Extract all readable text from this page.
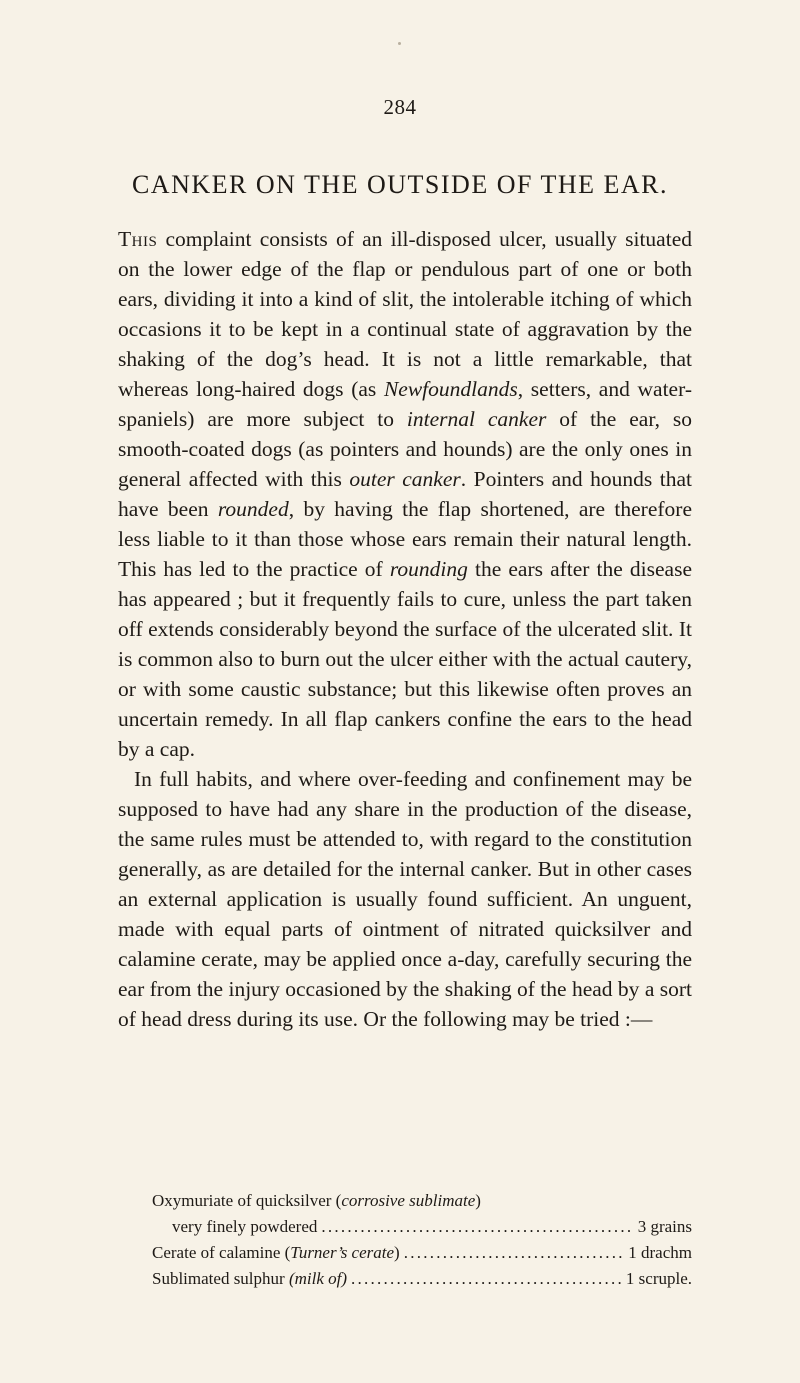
284
CANKER ON THE OUTSIDE OF THE EAR.

This complaint consists of an ill-disposed ulcer, usually situated on the lower edge of the flap or pendulous part of one or both ears, dividing it into a kind of slit, the intolerable itching of which occasions it to be kept in a continual state of aggravation by the shaking of the dog’s head. It is not a little remarkable, that whereas long-haired dogs (as Newfoundlands, setters, and water-spaniels) are more subject to internal canker of the ear, so smooth-coated dogs (as pointers and hounds) are the only ones in general affected with this outer canker. Pointers and hounds that have been rounded, by having the flap shortened, are therefore less liable to it than those whose ears remain their natural length. This has led to the practice of rounding the ears after the disease has appeared ; but it frequently fails to cure, unless the part taken off extends considerably beyond the surface of the ulcerated slit. It is common also to burn out the ulcer either with the actual cautery, or with some caustic substance; but this likewise often proves an uncertain remedy. In all flap cankers confine the ears to the head by a cap.

In full habits, and where over-feeding and confinement may be supposed to have had any share in the production of the disease, the same rules must be attended to, with regard to the constitution generally, as are detailed for the internal canker. But in other cases an external application is usually found sufficient. An unguent, made with equal parts of ointment of nitrated quicksilver and calamine cerate, may be applied once a-day, carefully securing the ear from the injury occasioned by the shaking of the head by a sort of head dress during its use. Or the following may be tried :—

Oxymuriate of quicksilver (corrosive sublimate)
very finely powdered . . .	3 grains
Cerate of calamine (Turner’s cerate) . . .	1 drachm
Sublimated sulphur (milk of) . . .	1 scruple.
